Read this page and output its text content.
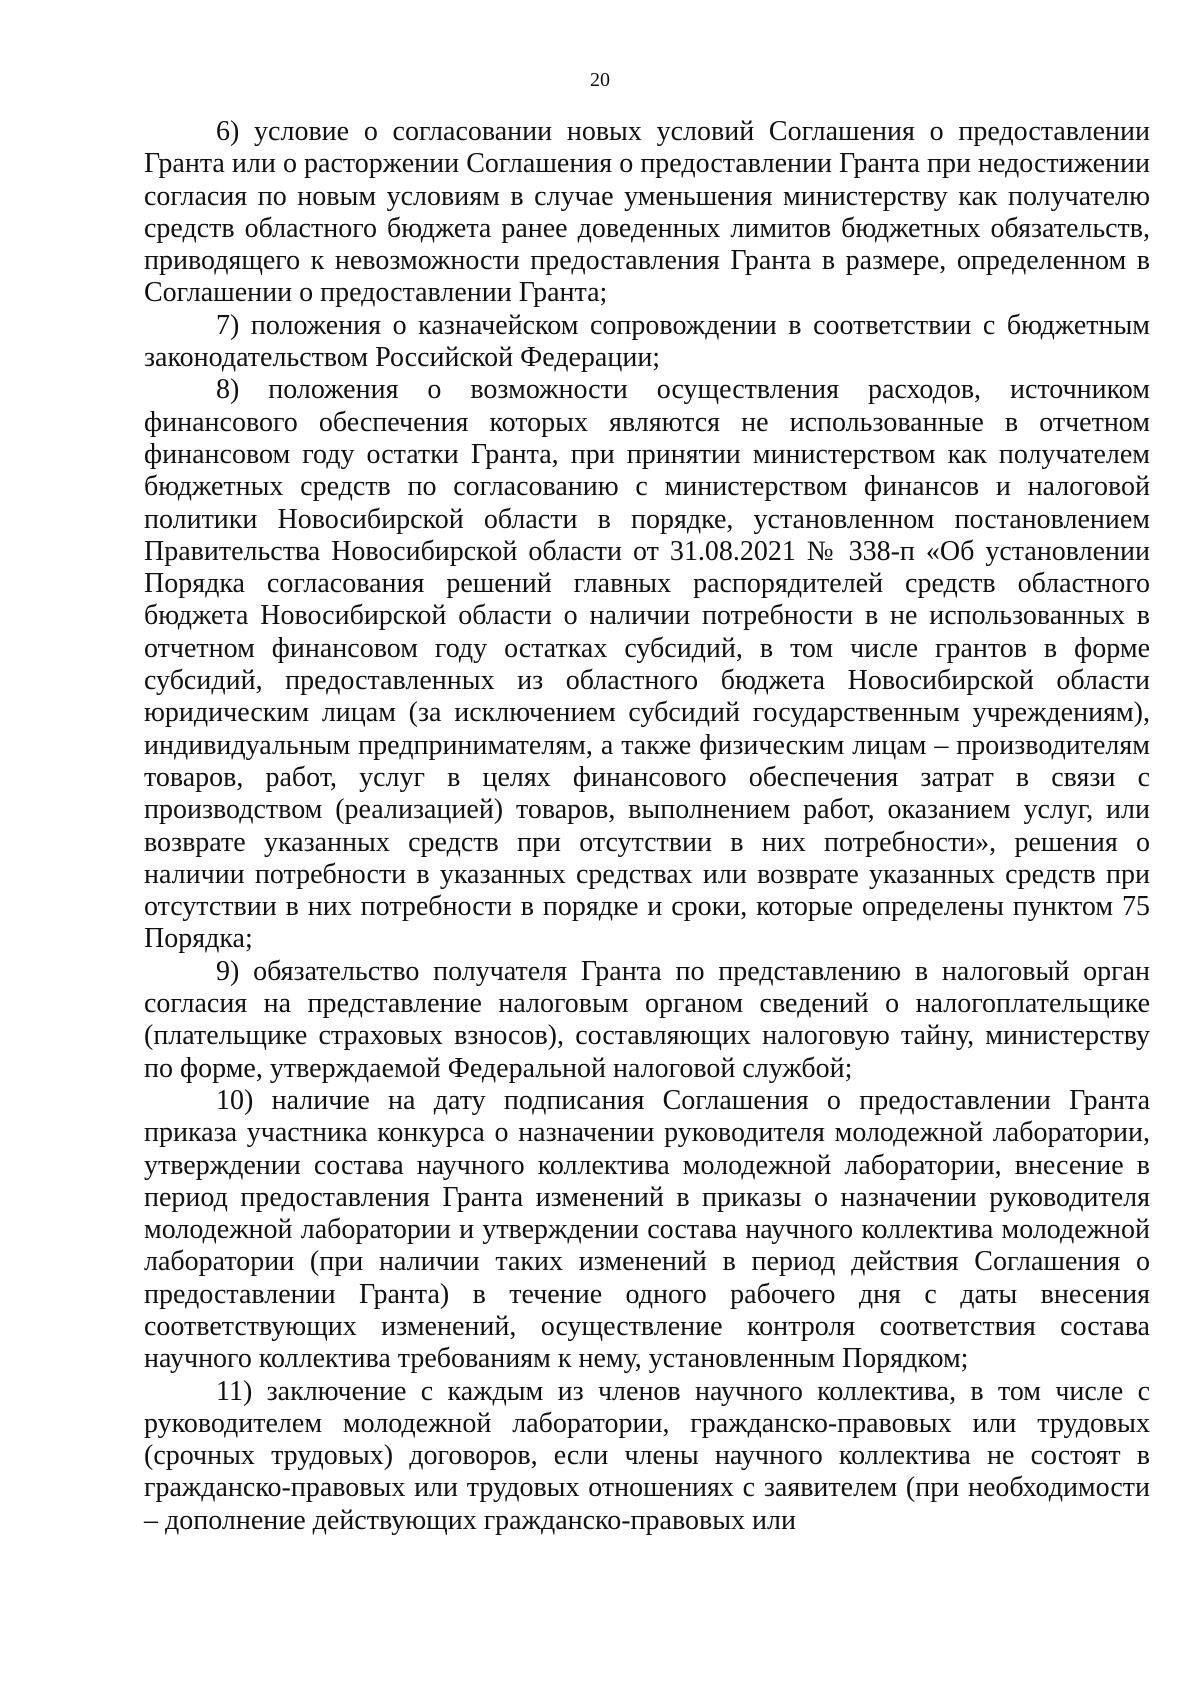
20

6) условие о согласовании новых условий Соглашения о предоставлении Гранта или о расторжении Соглашения о предоставлении Гранта при недостижении согласия по новым условиям в случае уменьшения министерству как получателю средств областного бюджета ранее доведенных лимитов бюджетных обязательств, приводящего к невозможности предоставления Гранта в размере, определенном в Соглашении о предоставлении Гранта;

7) положения о казначейском сопровождении в соответствии с бюджетным законодательством Российской Федерации;

8) положения о возможности осуществления расходов, источником финансового обеспечения которых являются не использованные в отчетном финансовом году остатки Гранта, при принятии министерством как получателем бюджетных средств по согласованию с министерством финансов и налоговой политики Новосибирской области в порядке, установленном постановлением Правительства Новосибирской области от 31.08.2021 № 338-п «Об установлении Порядка согласования решений главных распорядителей средств областного бюджета Новосибирской области о наличии потребности в не использованных в отчетном финансовом году остатках субсидий, в том числе грантов в форме субсидий, предоставленных из областного бюджета Новосибирской области юридическим лицам (за исключением субсидий государственным учреждениям), индивидуальным предпринимателям, а также физическим лицам – производителям товаров, работ, услуг в целях финансового обеспечения затрат в связи с производством (реализацией) товаров, выполнением работ, оказанием услуг, или возврате указанных средств при отсутствии в них потребности», решения о наличии потребности в указанных средствах или возврате указанных средств при отсутствии в них потребности в порядке и сроки, которые определены пунктом 75 Порядка;

9) обязательство получателя Гранта по представлению в налоговый орган согласия на представление налоговым органом сведений о налогоплательщике (плательщике страховых взносов), составляющих налоговую тайну, министерству по форме, утверждаемой Федеральной налоговой службой;

10) наличие на дату подписания Соглашения о предоставлении Гранта приказа участника конкурса о назначении руководителя молодежной лаборатории, утверждении состава научного коллектива молодежной лаборатории, внесение в период предоставления Гранта изменений в приказы о назначении руководителя молодежной лаборатории и утверждении состава научного коллектива молодежной лаборатории (при наличии таких изменений в период действия Соглашения о предоставлении Гранта) в течение одного рабочего дня с даты внесения соответствующих изменений, осуществление контроля соответствия состава научного коллектива требованиям к нему, установленным Порядком;

11) заключение с каждым из членов научного коллектива, в том числе с руководителем молодежной лаборатории, гражданско-правовых или трудовых (срочных трудовых) договоров, если члены научного коллектива не состоят в гражданско-правовых или трудовых отношениях с заявителем (при необходимости – дополнение действующих гражданско-правовых или
